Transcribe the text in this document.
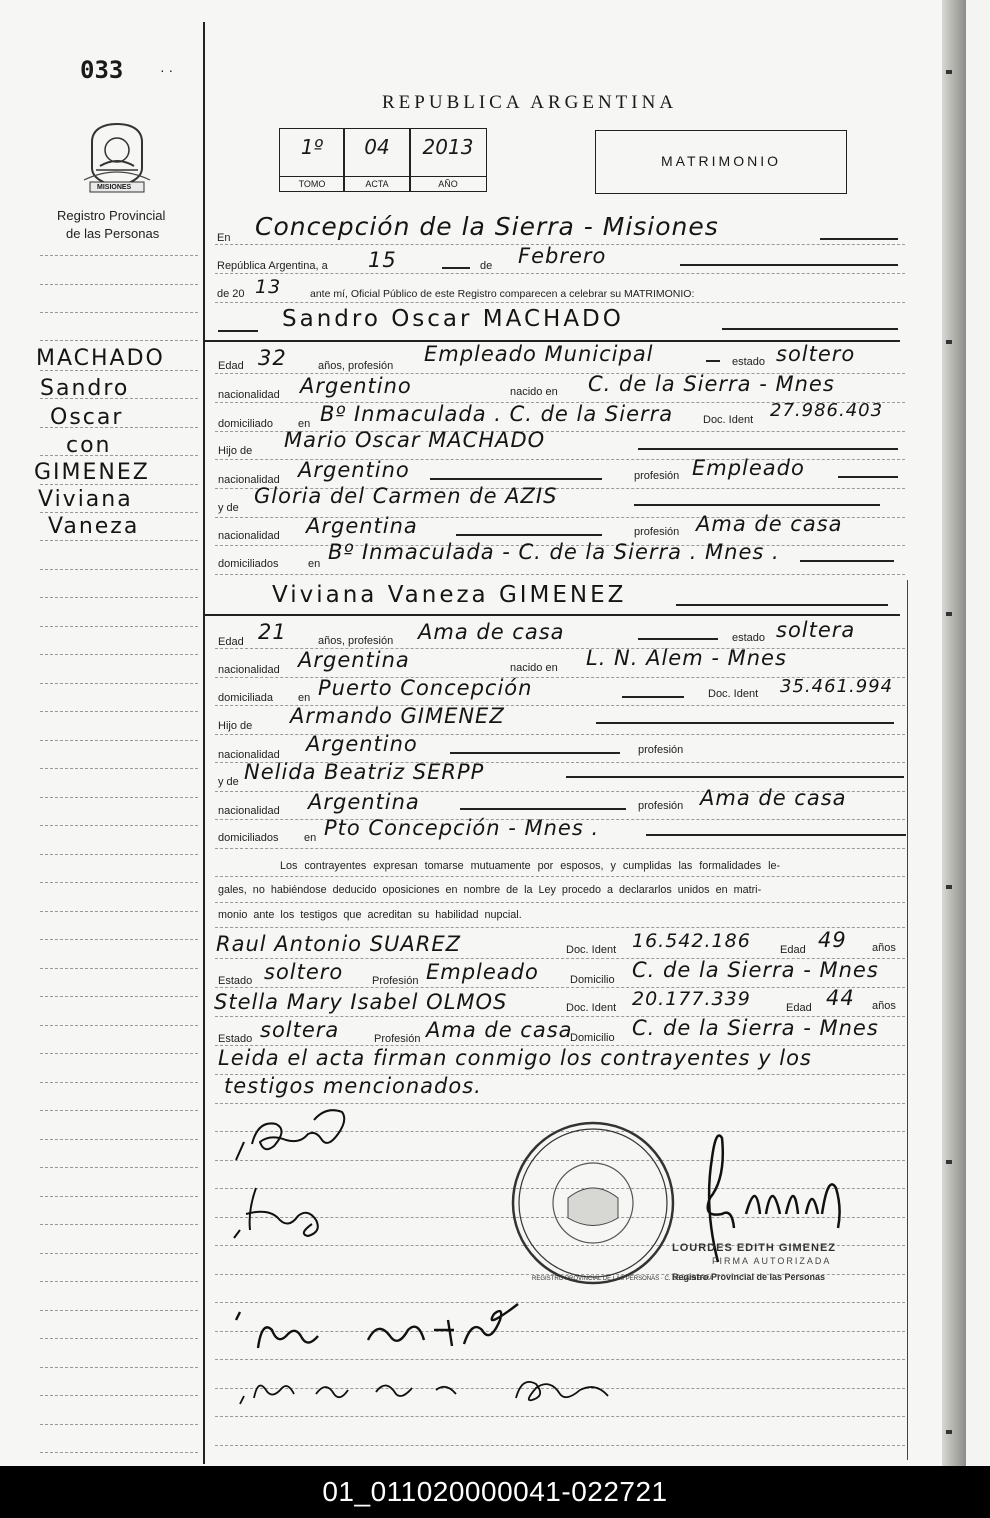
033	· ·
MISIONES
Registro Provincial
de las Personas
MACHADO
Sandro
Oscar
con
GIMENEZ
Viviana
Vaneza
REPUBLICA ARGENTINA
1º
TOMO
04
ACTA
2013
AÑO
MATRIMONIO
En Concepción de la Sierra - Misiones
República Argentina, a 15	de Febrero
de 20 13	ante mí, Oficial Público de este Registro comparecen a celebrar su MATRIMONIO:
Sandro Oscar MACHADO
Edad 32	años, profesión Empleado Municipal	estado soltero
nacionalidad Argentino	nacido en C. de la Sierra - Mnes
domiciliado en Bº Inmaculada . C. de la Sierra	Doc. Ident 27.986.403
Hijo de Mario Oscar MACHADO
nacionalidad Argentino	profesión Empleado
y de Gloria del Carmen de AZIS
nacionalidad Argentina	profesión Ama de casa
domiciliados	en Bº Inmaculada - C. de la Sierra . Mnes .
Viviana Vaneza GIMENEZ
Edad 21	años, profesión Ama de casa	estado soltera
nacionalidad Argentina	nacido en L. N. Alem - Mnes
domiciliada en Puerto Concepción	Doc. Ident 35.461.994
Hijo de Armando GIMENEZ
nacionalidad Argentino	profesión
y de Nelida Beatriz SERPP
nacionalidad Argentina	profesión Ama de casa
domiciliados en Pto Concepción - Mnes .
Los contrayentes expresan tomarse mutuamente por esposos, y cumplidas las formalidades le-
gales, no habiéndose deducido oposiciones en nombre de la Ley procedo a declararlos unidos en matri-
monio ante los testigos que acreditan su habilidad nupcial.
Raul Antonio SUAREZ	Doc. Ident 16.542.186	Edad 49 años
Estado soltero	Profesión Empleado	Domicilio C. de la Sierra - Mnes
Stella Mary Isabel OLMOS	Doc. Ident 20.177.339	Edad 44 años
Estado soltera	Profesión Ama de casa
Domicilio C. de la Sierra - Mnes
Leida el acta firman conmigo los contrayentes y los
testigos mencionados.
REGISTRO PROVINCIAL DE LAS PERSONAS · C. DE LA SIERRA
LOURDES EDITH GIMENEZ
FIRMA AUTORIZADA
Registro Provincial de las Personas
01_011020000041-022721
